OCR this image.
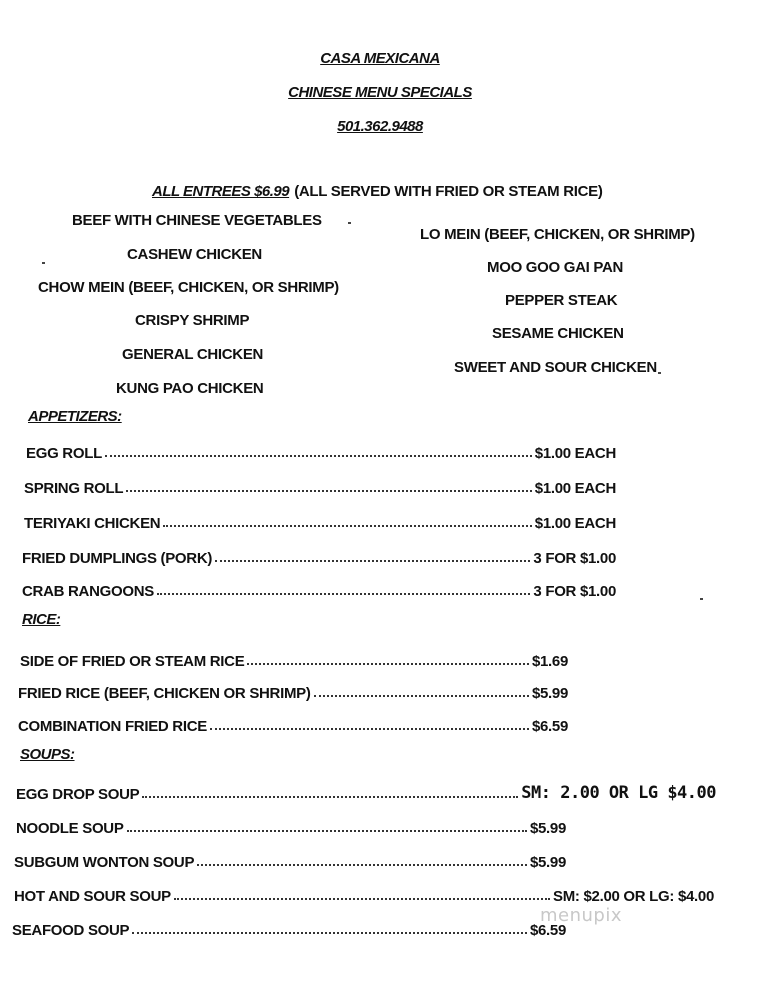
CASA MEXICANA
CHINESE MENU SPECIALS
501.362.9488
ALL ENTREES $6.99 (ALL SERVED WITH FRIED OR STEAM RICE)
BEEF WITH CHINESE VEGETABLES
CASHEW CHICKEN
CHOW MEIN (BEEF, CHICKEN, OR SHRIMP)
CRISPY SHRIMP
GENERAL CHICKEN
KUNG PAO CHICKEN
LO MEIN (BEEF, CHICKEN, OR SHRIMP)
MOO GOO GAI PAN
PEPPER STEAK
SESAME CHICKEN
SWEET AND SOUR CHICKEN
APPETIZERS:
EGG ROLL	$1.00 EACH
SPRING ROLL	$1.00 EACH
TERIYAKI CHICKEN	$1.00 EACH
FRIED DUMPLINGS (PORK)	3 FOR $1.00
CRAB RANGOONS	3 FOR $1.00
RICE:
SIDE OF FRIED OR STEAM RICE	$1.69
FRIED RICE (BEEF, CHICKEN OR SHRIMP)	$5.99
COMBINATION FRIED RICE	$6.59
SOUPS:
EGG DROP SOUP	SM: 2.00 OR LG $4.00
NOODLE SOUP	$5.99
SUBGUM WONTON SOUP	$5.99
HOT AND SOUR SOUP	SM: $2.00 OR LG: $4.00
SEAFOOD SOUP	$6.59
menupix
